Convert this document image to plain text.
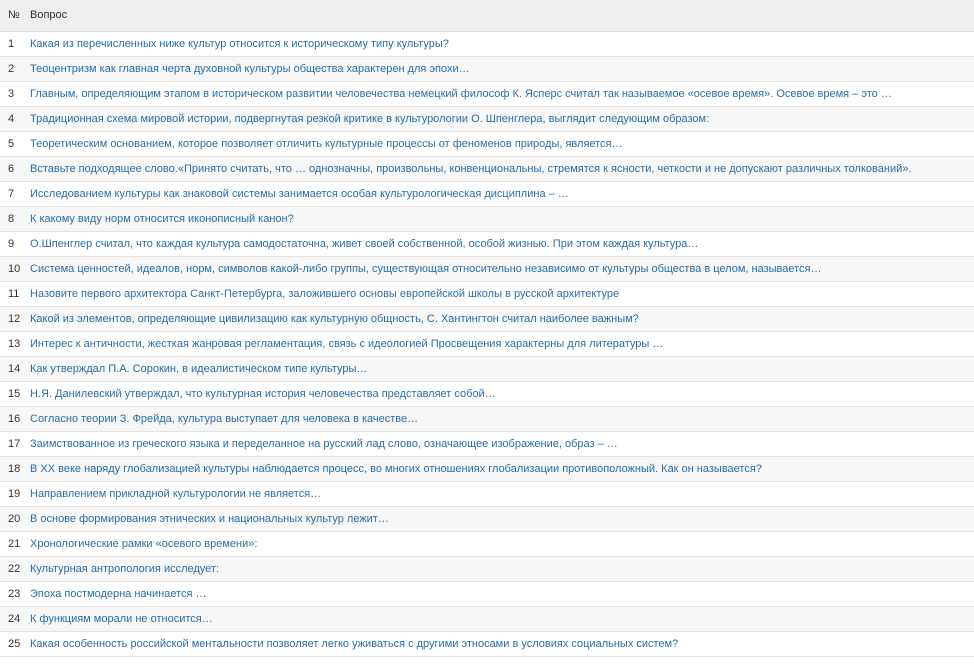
№	Вопрос
1	Какая из перечисленных ниже культур относится к историческому типу культуры?
2	Теоцентризм как главная черта духовной культуры общества характерен для эпохи…
3	Главным, определяющим этапом в историческом развитии человечества немецкий философ К. Ясперс считал так называемое «осевое время». Осевое время – это …
4	Традиционная схема мировой истории, подвергнутая резкой критике в культурологии О. Шпенглера, выглядит следующим образом:
5	Теоретическим основанием, которое позволяет отличить культурные процессы от феноменов природы, является…
6	Вставьте подходящее слово.«Принято считать, что … однозначны, произвольны, конвенциональны, стремятся к ясности, четкости и не допускают различных толкований».
7	Исследованием культуры как знаковой системы занимается особая культурологическая дисциплина – …
8	К какому виду норм относится иконописный канон?
9	О.Шпенглер считал, что каждая культура самодостаточна, живет своей собственной, особой жизнью. При этом каждая культура…
10	Система ценностей, идеалов, норм, символов какой-либо группы, существующая относительно независимо от культуры общества в целом, называется…
11	Назовите первого архитектора Санкт-Петербурга, заложившего основы европейской школы в русской архитектуре
12	Какой из элементов, определяющие цивилизацию как культурную общность, С. Хантингтон считал наиболее важным?
13	Интерес к античности, жесткая жанровая регламентация, связь с идеологией Просвещения характерны для литературы …
14	Как утверждал П.А. Сорокин, в идеалистическом типе культуры…
15	Н.Я. Данилевский утверждал, что культурная история человечества представляет собой…
16	Согласно теории З. Фрейда, культура выступает для человека в качестве…
17	Заимствованное из греческого языка и переделанное на русский лад слово, означающее изображение, образ – …
18	В XX веке наряду глобализацией культуры наблюдается процесс, во многих отношениях глобализации противоположный. Как он называется?
19	Направлением прикладной культурологии не является…
20	В основе формирования этнических и национальных культур лежит…
21	Хронологические рамки «осевого времени»:
22	Культурная антропология исследует:
23	Эпоха постмодерна начинается …
24	К функциям морали не относится…
25	Какая особенность российской ментальности позволяет легко уживаться с другими этносами в условиях социальных систем?
